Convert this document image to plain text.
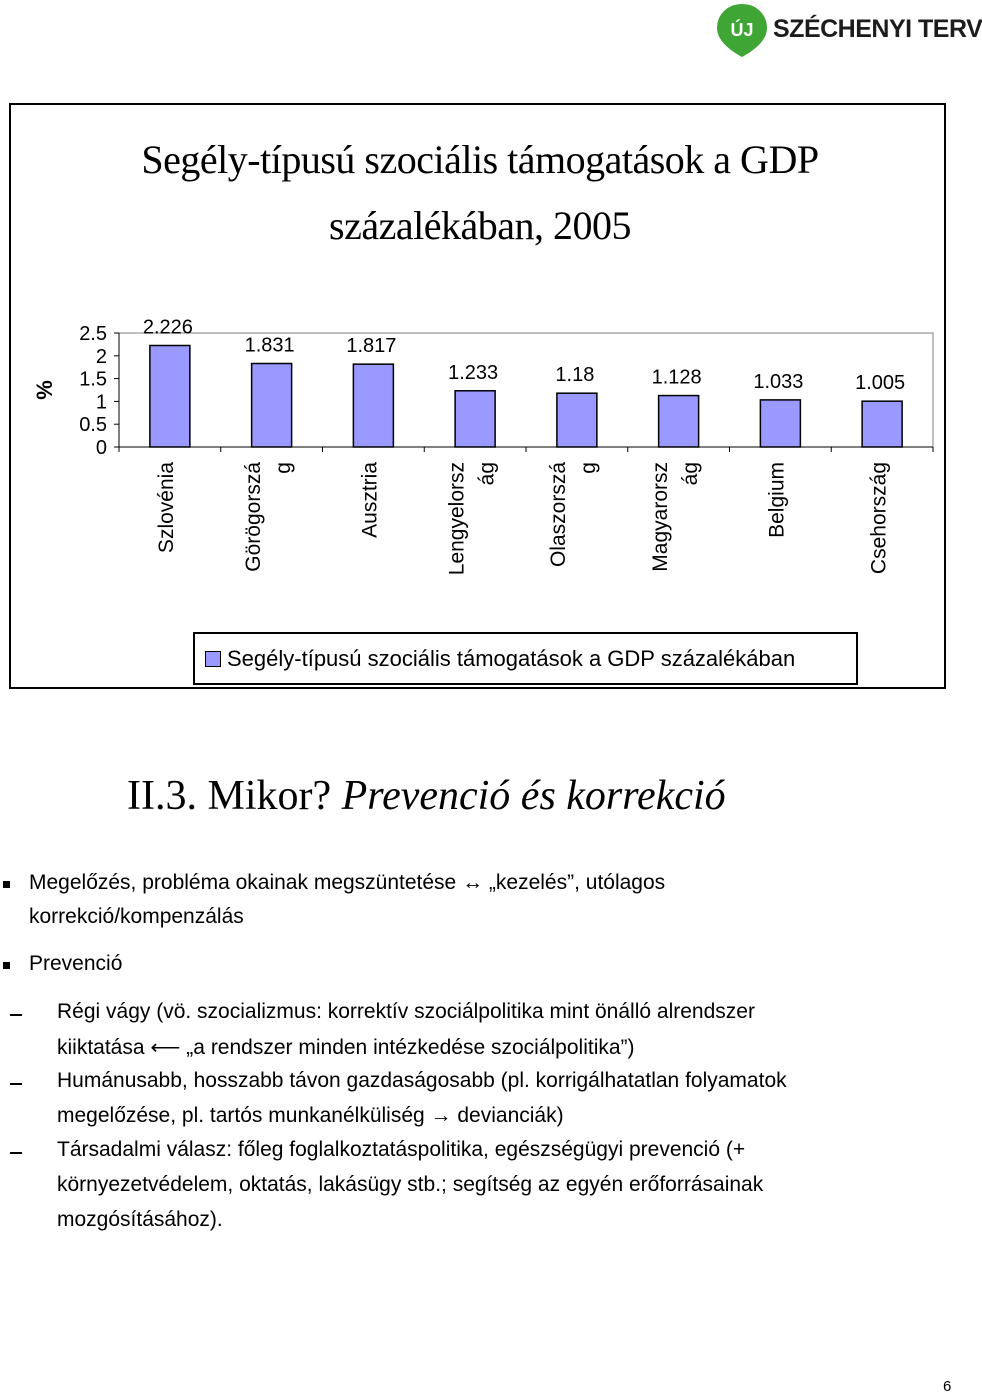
ÚJ SZÉCHENYI TERV
Segély-típusú szociális támogatások a GDP
százalékában, 2005
2.5
2
1.5
1
0.5
0
%
2.226
Szlovénia
1.831
Görögorszá g
1.817
Ausztria
1.233
Lengyelorsz ág
1.18
Olaszorszá g
1.128
Magyarorsz ág
1.033
Belgium
1.005
Csehország
Segély-típusú szociális támogatások a GDP százalékában
II.3. Mikor? Prevenció és korrekció
Megelőzés, probléma okainak megszüntetése ↔ „kezelés”, utólagos
korrekció/kompenzálás
Prevenció
Régi vágy (vö. szocializmus: korrektív szociálpolitika mint önálló alrendszer
kiiktatása ⟵ „a rendszer minden intézkedése szociálpolitika”)
Humánusabb, hosszabb távon gazdaságosabb (pl. korrigálhatatlan folyamatok
megelőzése, pl. tartós munkanélküliség → devianciák)
Társadalmi válasz: főleg foglalkoztatáspolitika, egészségügyi prevenció (+
környezetvédelem, oktatás, lakásügy stb.; segítség az egyén erőforrásainak
mozgósításához).
6
